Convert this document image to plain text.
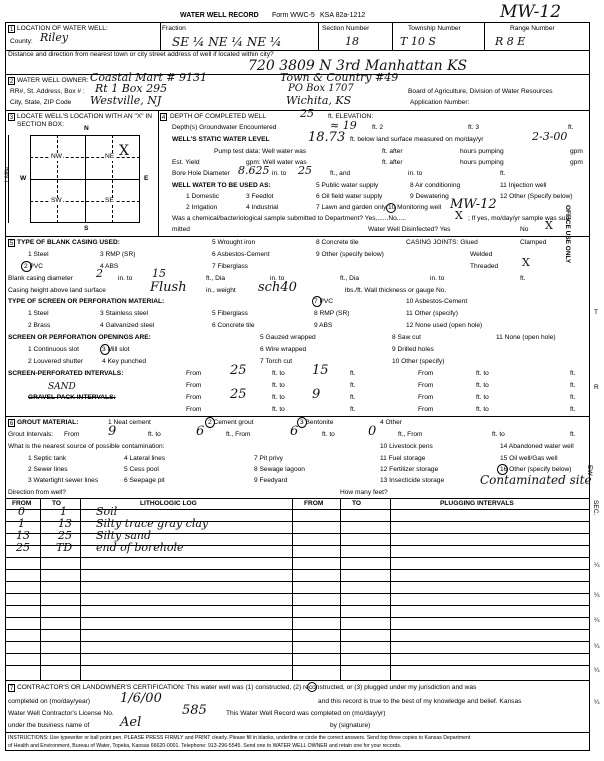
WATER WELL RECORD Form WWC-5 KSA 82a-1212	MW-12
1 LOCATION OF WATER WELL:
County: Riley
Fraction
SE ¼ NE ¼ NE ¼
Section Number
18
Township Number
T 10 S
Range Number
R 8 E
Distance and direction from nearest town or city street address of well if located within city?
720 3809 N 3rd Manhattan KS
2 WATER WELL OWNER: Coastal Mart # 9131
RR#, St. Address, Box # : Rt 1 Box 295
City, State, ZIP Code Westville, NJ
Town & Country #49
PO Box 1707
Wichita, KS
Board of Agriculture, Division of Water Resources
Application Number:
3 LOCATE WELL'S LOCATION WITH AN "X" IN SECTION BOX:
N
NW	NE
SW	SE
X
W	E
S
1 Mile
4 DEPTH OF COMPLETED WELL	25 ft. ELEVATION:
Depth(s) Groundwater Encountered	≈ 19 ft. 2	ft. 3	ft.
WELL'S STATIC WATER LEVEL	18.73 ft. below land surface measured on mo/day/yr	2-3-00
Pump test data: Well water was	ft. after	hours pumping	gpm
Est. Yield	gpm: Well water was	ft. after	hours pumping	gpm
Bore Hole Diameter 8.625 in. to 25	ft., and	in. to	ft.
WELL WATER TO BE USED AS:	5 Public water supply	8 Air conditioning	11 Injection well
1 Domestic	3 Feedlot	6 Oil field water supply	9 Dewatering	12 Other (Specify below)
2 Irrigation	4 Industrial	7 Lawn and garden only 10 Monitoring well MW-12
Was a chemical/bacteriological sample submitted to Department? Yes.......No.....	X ; If yes, mo/day/yr sample was sub-
mitted	Water Well Disinfected? Yes	No X
5 TYPE OF BLANK CASING USED:	5 Wrought iron	8 Concrete tile	CASING JOINTS: Glued	Clamped
1 Steel	3 RMP (SR)	6 Asbestos-Cement	9 Other (specify below)	Welded
2 PVC	4 ABS	7 Fiberglass	Threaded X
Blank casing diameter 2 in. to 15	ft., Dia	in. to	ft., Dia	in. to	ft.
Casing height above land surface	Flush	in., weight sch40	lbs./ft. Wall thickness or gauge No.
TYPE OF SCREEN OR PERFORATION MATERIAL:	7 PVC	10 Asbestos-Cement
1 Steel	3 Stainless steel	5 Fiberglass	8 RMP (SR)	11 Other (specify)
2 Brass	4 Galvanized steel	6 Concrete tile	9 ABS	12 None used (open hole)
SCREEN OR PERFORATION OPENINGS ARE:	5 Gauzed wrapped	8 Saw cut	11 None (open hole)
1 Continuous slot	3 Mill slot	6 Wire wrapped	9 Drilled holes
2 Louvered shutter	4 Key punched	7 Torch cut	10 Other (specify)
SCREEN-PERFORATED INTERVALS:	From 25	ft. to 15	ft.	From	ft. to	ft.
From	ft. to	ft.	From	ft. to	ft.
SAND
GRAVEL PACK INTERVALS:	From 25	ft. to 9	ft.	From	ft. to	ft.
From	ft. to	ft.	From	ft. to	ft.
6 GROUT MATERIAL:	1 Neat cement	2 Cement grout	3 Bentonite	4 Other
Grout Intervals: From 9	ft. to	6	ft., From	6	ft. to	0	ft., From	ft. to	ft.
What is the nearest source of possible contamination:	10 Livestock pens	14 Abandoned water well
1 Septic tank	4 Lateral lines	7 Pit privy	11 Fuel storage	15 Oil well/Gas well
2 Sewer lines	5 Cess pool	8 Sewage lagoon	12 Fertilizer storage	16 Other (specify below)
3 Watertight sewer lines	6 Seepage pit	9 Feedyard	13 Insecticide storage	Contaminated site
Direction from well?	How many feet?
FROM	TO	LITHOLOGIC LOG	FROM	TO	PLUGGING INTERVALS
0	1	Soil
1	13 Silty trace gray clay
13	25 Silty sand
25 TD end of borehole
7 CONTRACTOR'S OR LANDOWNER'S CERTIFICATION: This water well was (1) constructed, (2) reconstructed, or (3) plugged under my jurisdiction and was
completed on (mo/day/year) 1/6/00	and this record is true to the best of my knowledge and belief. Kansas
Water Well Contractor's License No.	585	This Water Well Record was completed on (mo/day/yr)
under the business name of Ael	by (signature)
INSTRUCTIONS: Use typewriter or ball point pen. PLEASE PRESS FIRMLY and PRINT clearly. Please fill in blanks, underline or circle the correct answers. Send top three copies to Kansas Department
of Health and Environment, Bureau of Water, Topeka, Kansas 66620-0001. Telephone: 913-296-5545. Send one to WATER WELL OWNER and retain one for your records.
OFFICE USE ONLY
T
R
EW
SEC.
¼
¼
¼
¼
¼
¼
